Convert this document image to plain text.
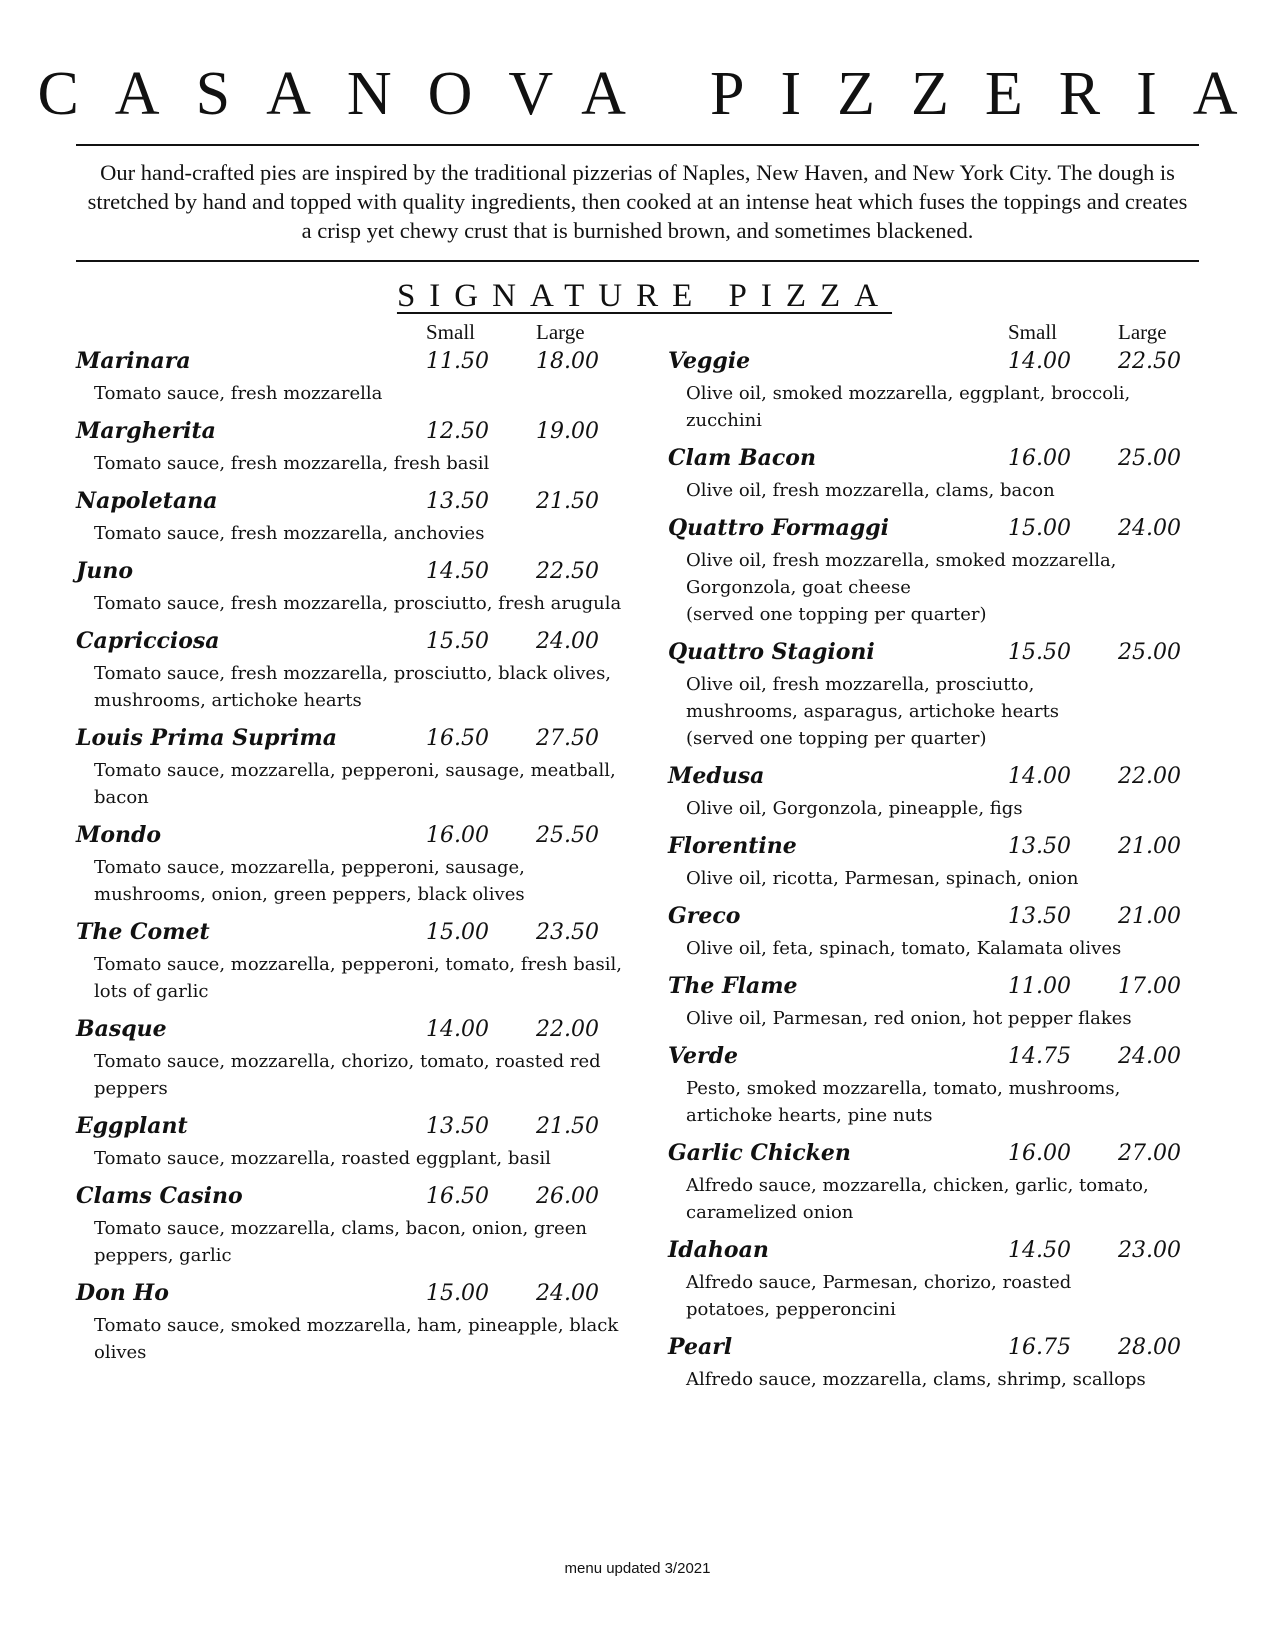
CASANOVA PIZZERIA

Our hand-crafted pies are inspired by the traditional pizzerias of Naples, New Haven, and New York City. The dough is stretched by hand and topped with quality ingredients, then cooked at an intense heat which fuses the toppings and creates a crisp yet chewy crust that is burnished brown, and sometimes blackened.

SIGNATURE PIZZA
Small	Large
Marinara	11.50 18.00
Tomato sauce, fresh mozzarella
Margherita	12.50 19.00
Tomato sauce, fresh mozzarella, fresh basil
Napoletana	13.50 21.50
Tomato sauce, fresh mozzarella, anchovies
Juno	14.50 22.50
Tomato sauce, fresh mozzarella, prosciutto, fresh arugula
Capricciosa	15.50 24.00
Tomato sauce, fresh mozzarella, prosciutto, black olives, mushrooms, artichoke hearts
Louis Prima Suprima	16.50 27.50
Tomato sauce, mozzarella, pepperoni, sausage, meatball, bacon
Mondo	16.00 25.50
Tomato sauce, mozzarella, pepperoni, sausage, mushrooms, onion, green peppers, black olives
The Comet	15.00 23.50
Tomato sauce, mozzarella, pepperoni, tomato, fresh basil, lots of garlic
Basque	14.00 22.00
Tomato sauce, mozzarella, chorizo, tomato, roasted red peppers
Eggplant	13.50 21.50
Tomato sauce, mozzarella, roasted eggplant, basil
Clams Casino	16.50 26.00
Tomato sauce, mozzarella, clams, bacon, onion, green peppers, garlic
Don Ho	15.00 24.00
Tomato sauce, smoked mozzarella, ham, pineapple, black olives
Small	Large
Veggie	14.00 22.50
Olive oil, smoked mozzarella, eggplant, broccoli, zucchini
Clam Bacon	16.00 25.00
Olive oil, fresh mozzarella, clams, bacon
Quattro Formaggi	15.00 24.00
Olive oil, fresh mozzarella, smoked mozzarella, Gorgonzola, goat cheese
(served one topping per quarter)
Quattro Stagioni	15.50 25.00
Olive oil, fresh mozzarella, prosciutto, mushrooms, asparagus, artichoke hearts
(served one topping per quarter)
Medusa	14.00 22.00
Olive oil, Gorgonzola, pineapple, figs
Florentine	13.50 21.00
Olive oil, ricotta, Parmesan, spinach, onion
Greco	13.50 21.00
Olive oil, feta, spinach, tomato, Kalamata olives
The Flame	11.00 17.00
Olive oil, Parmesan, red onion, hot pepper flakes
Verde	14.75 24.00
Pesto, smoked mozzarella, tomato, mushrooms, artichoke hearts, pine nuts
Garlic Chicken	16.00 27.00
Alfredo sauce, mozzarella, chicken, garlic, tomato, caramelized onion
Idahoan	14.50 23.00
Alfredo sauce, Parmesan, chorizo, roasted potatoes, pepperoncini
Pearl	16.75 28.00
Alfredo sauce, mozzarella, clams, shrimp, scallops

menu updated 3/2021
